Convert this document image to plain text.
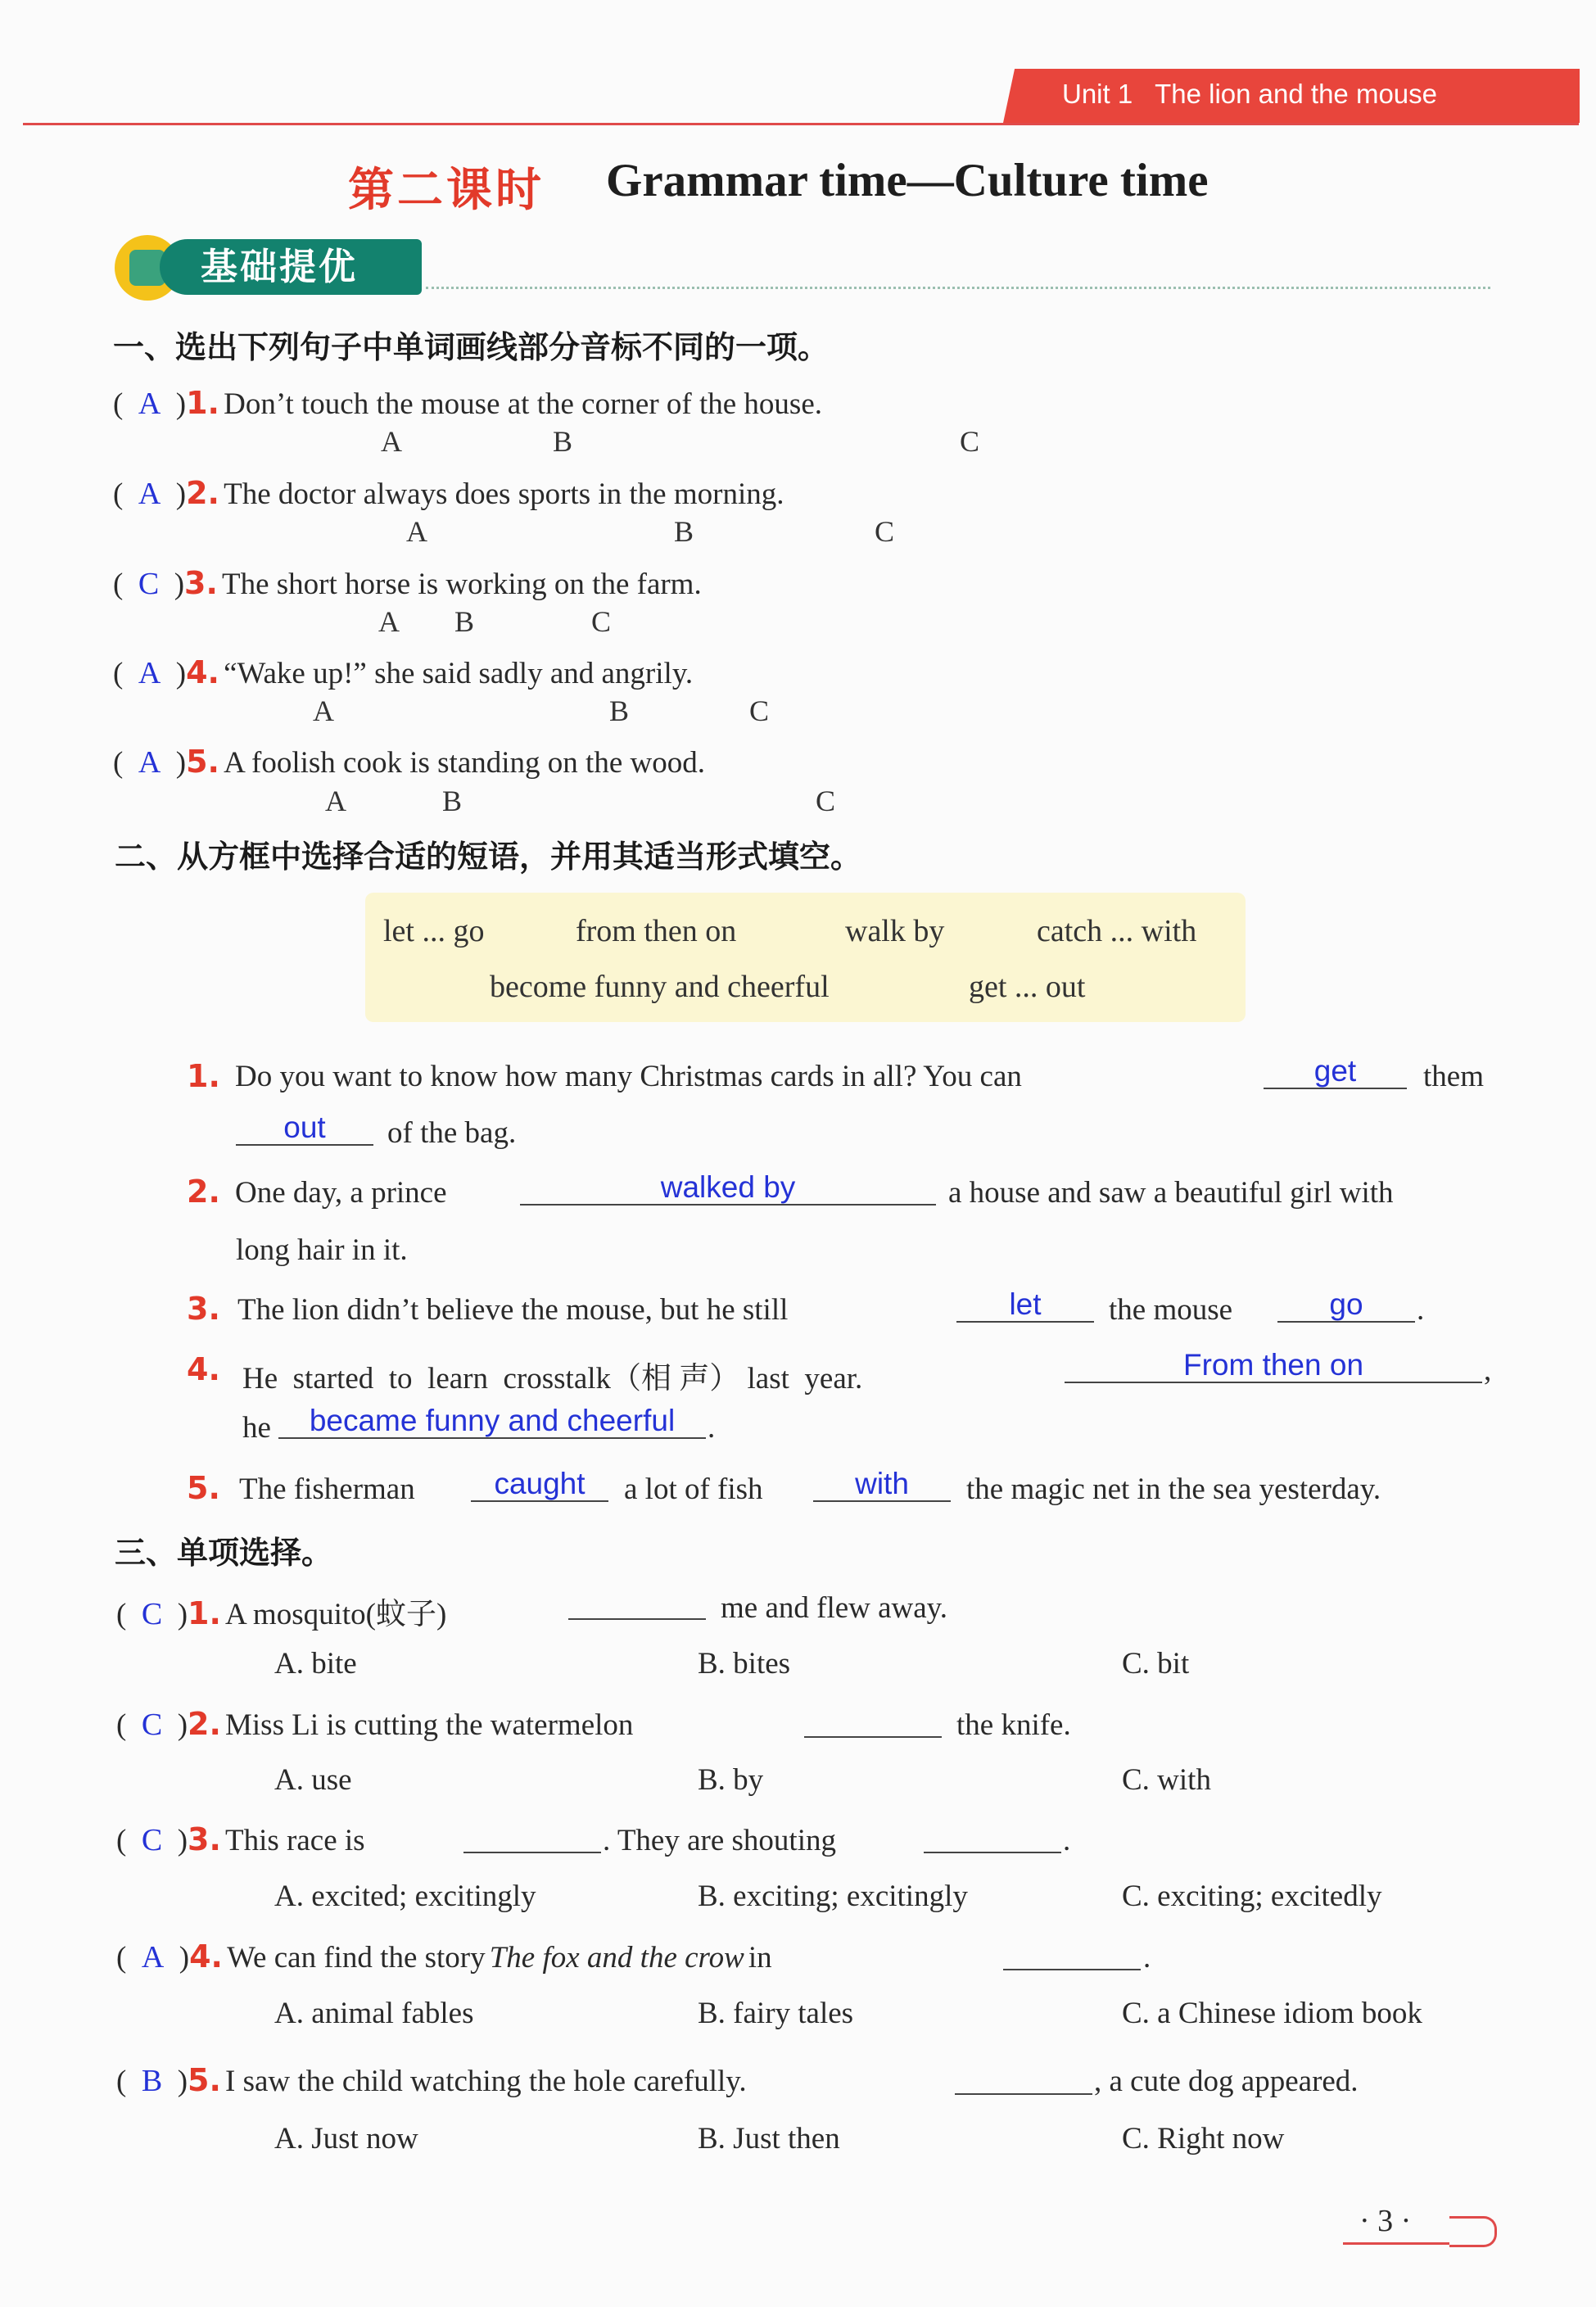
Unit 1   The lion and the mouse
第二课时 Grammar time—Culture time
基础提优
一、选出下列句子中单词画线部分音标不同的一项。
(  A  )1. Don’t touch the mouse at the corner of the house.
A	B	C
(  A  )2. The doctor always does sports in the morning.
A	B	C
(  C  )3. The short horse is working on the farm.
A B	C
(  A  )4. “Wake up!” she said sadly and angrily.
A	B	C
(  A  )5. A foolish cook is standing on the wood.
A	B	C
二、从方框中选择合适的短语，并用其适当形式填空。
let ... go	from then on	walk by	catch ... with
become funny and cheerful	get ... out
1. Do you want to know how many Christmas cards in all? You can	get	them
out	of the bag.
2. One day, a prince	walked by	a house and saw a beautiful girl with
long hair in it.
3. The lion didn’t believe the mouse, but he still	let	the mouse	go	.
4. He  started  to  learn  crosstalk（相 声） last  year.	From then on	,
he	became funny and cheerful	.
5. The fisherman	caught	a lot of fish	with	the magic net in the sea yesterday.
三、单项选择。
(  C  )1. A mosquito(蚊子)	me and flew away.
A. bite	B. bites	C. bit
(  C  )2. Miss Li is cutting the watermelon	the knife.
A. use	B. by	C. with
(  C  )3. This race is	. They are shouting	.
A. excited; excitingly	B. exciting; excitingly	C. exciting; excitedly
(  A  )4. We can find the story The fox and the crow in	.
A. animal fables	B. fairy tales	C. a Chinese idiom book
(  B  )5. I saw the child watching the hole carefully.	, a cute dog appeared.
A. Just now	B. Just then	C. Right now
· 3 ·
